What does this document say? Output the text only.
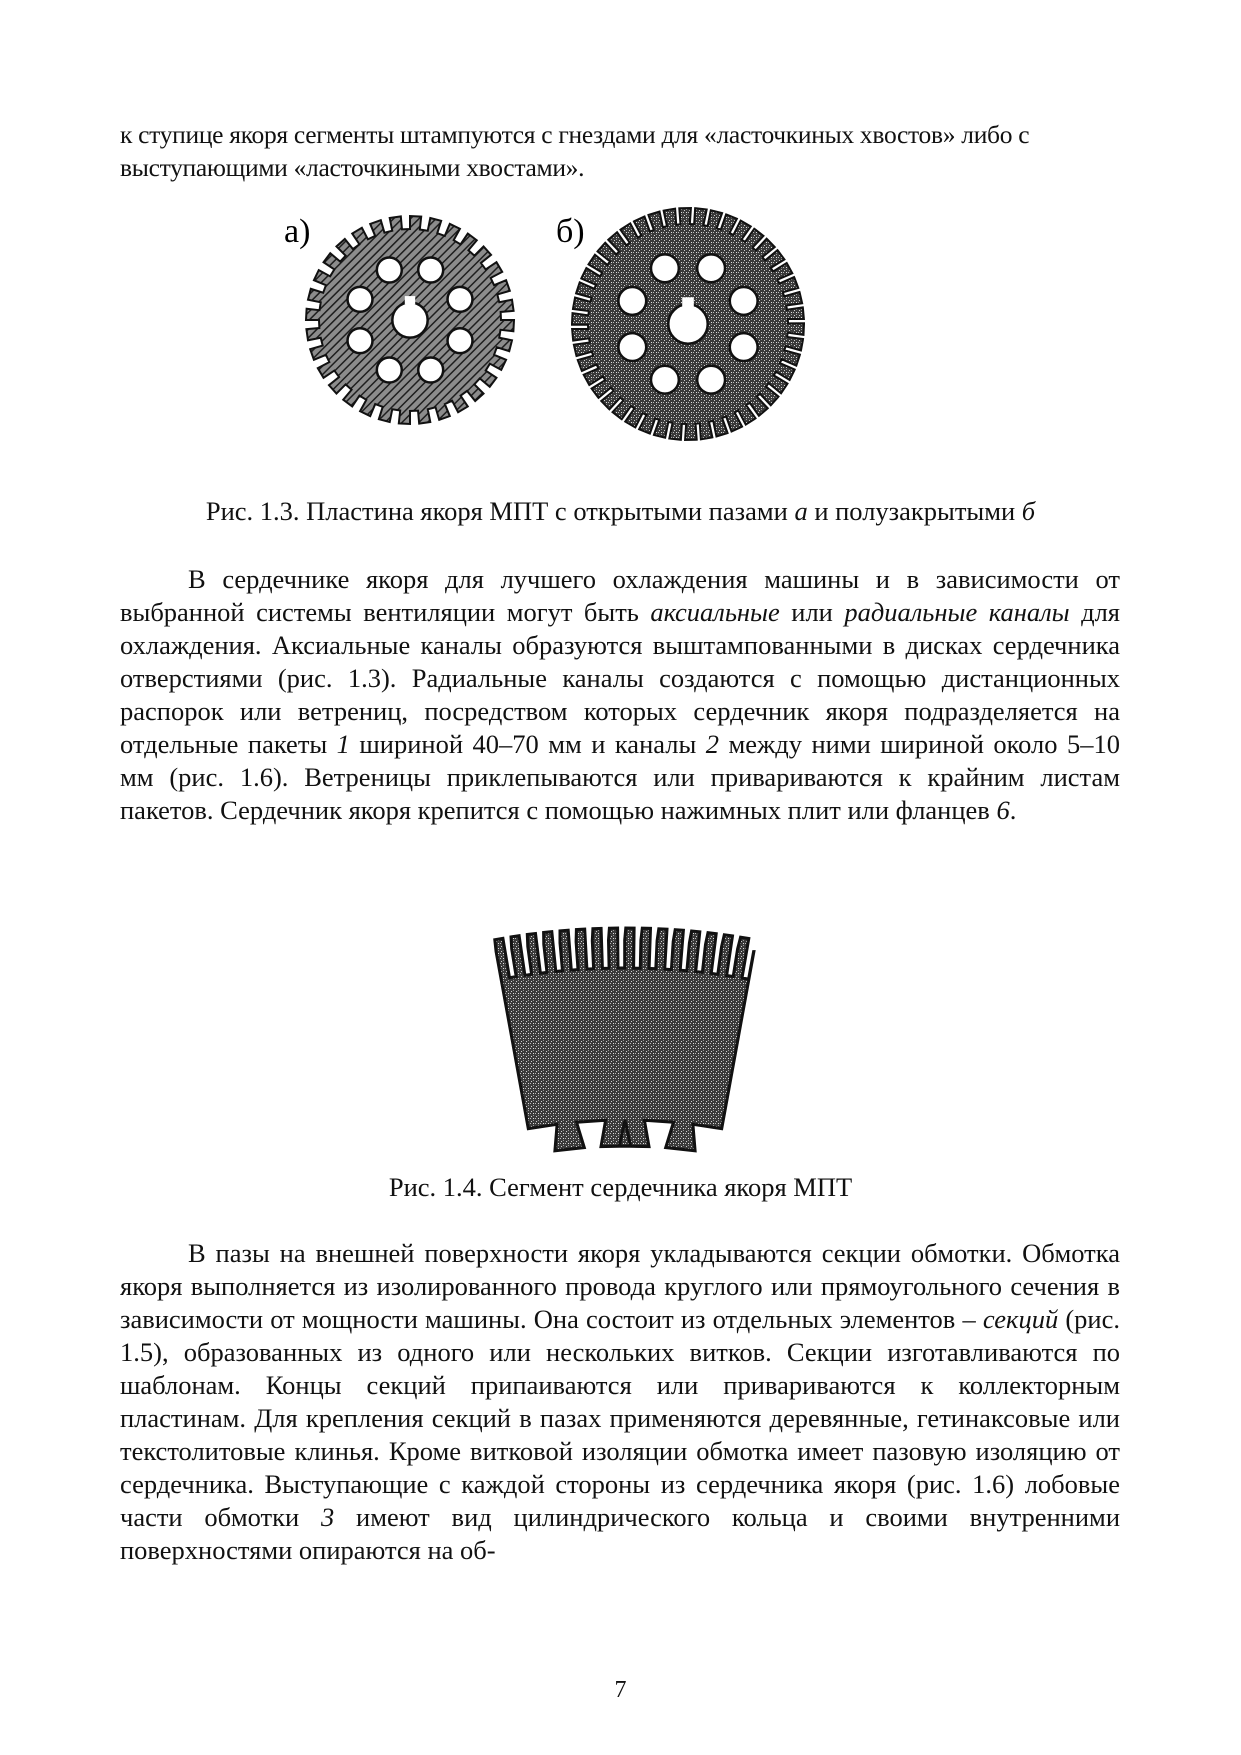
к ступице якоря сегменты штампуются с гнездами для «ласточкиных хвостов» либо с выступающими «ласточкиными хвостами».

а)	б)
Рис. 1.3. Пластина якоря МПТ с открытыми пазами а и полузакрытыми б

В сердечнике якоря для лучшего охлаждения машины и в зависимости от выбранной системы вентиляции могут быть аксиальные или радиальные каналы для охлаждения. Аксиальные каналы образуются выштампованными в дисках сердечника отверстиями (рис. 1.3). Радиальные каналы создаются с помощью дистанционных распорок или ветрениц, посредством которых сердечник якоря подразделяется на отдельные пакеты 1 шириной 40–70 мм и каналы 2 между ними шириной около 5–10 мм (рис. 1.6). Ветреницы приклепываются или привариваются к крайним листам пакетов. Сердечник якоря крепится с помощью нажимных плит или фланцев 6.

Рис. 1.4. Сегмент сердечника якоря МПТ

В пазы на внешней поверхности якоря укладываются секции обмотки. Обмотка якоря выполняется из изолированного провода круглого или прямоугольного сечения в зависимости от мощности машины. Она состоит из отдельных элементов – секций (рис. 1.5), образованных из одного или нескольких витков. Секции изготавливаются по шаблонам. Концы секций припаиваются или привариваются к коллекторным пластинам. Для крепления секций в пазах применяются деревянные, гетинаксовые или текстолитовые клинья. Кроме витковой изоляции обмотка имеет пазовую изоляцию от сердечника. Выступающие с каждой стороны из сердечника якоря (рис. 1.6) лобовые части обмотки 3 имеют вид цилиндрического кольца и своими внутренними поверхностями опираются на об-

7
